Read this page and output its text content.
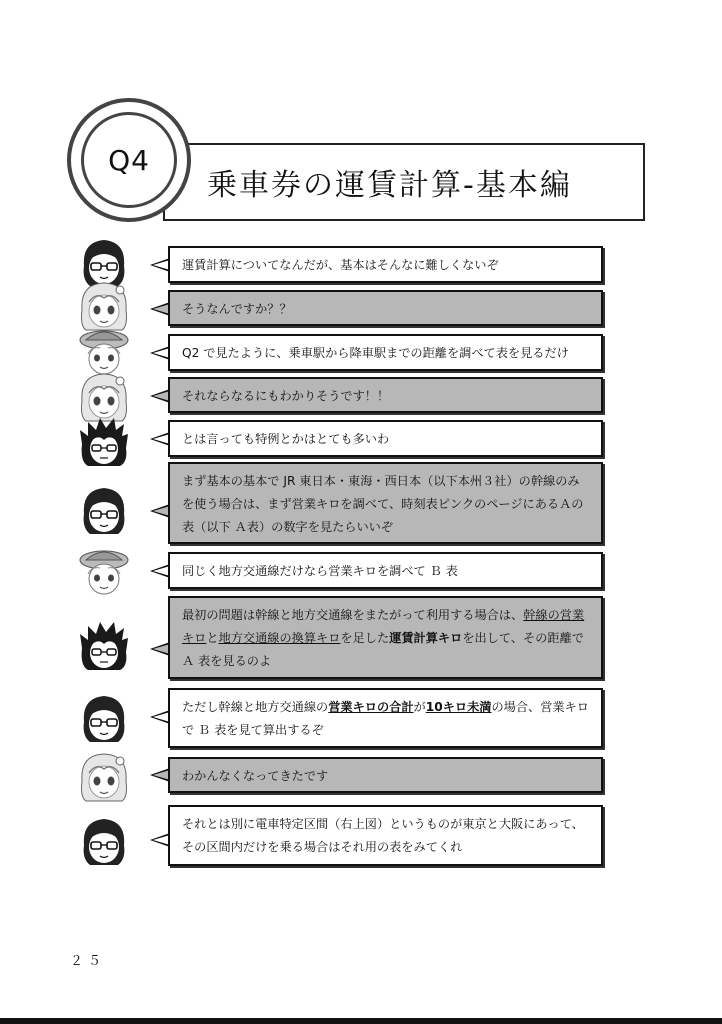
Q4
乗車券の運賃計算-基本編
運賃計算についてなんだが、基本はそんなに難しくないぞ
そうなんですか？？
Q2 で見たように、乗車駅から降車駅までの距離を調べて表を見るだけ
それならなるにもわかりそうです！！
とは言っても特例とかはとても多いわ
まず基本の基本で JR 東日本・東海・西日本（以下本州３社）の幹線のみを使う場合は、まず営業キロを調べて、時刻表ピンクのページにあるＡの表（以下 Ａ表）の数字を見たらいいぞ
同じく地方交通線だけなら営業キロを調べて Ｂ 表
最初の問題は幹線と地方交通線をまたがって利用する場合は、幹線の営業キロと地方交通線の換算キロを足した運賃計算キロを出して、その距離で Ａ 表を見るのよ
ただし幹線と地方交通線の営業キロの合計が10キロ未満の場合、営業キロで Ｂ 表を見て算出するぞ
わかんなくなってきたです
それとは別に電車特定区間（右上図）というものが東京と大阪にあって、その区間内だけを乗る場合はそれ用の表をみてくれ
２５
